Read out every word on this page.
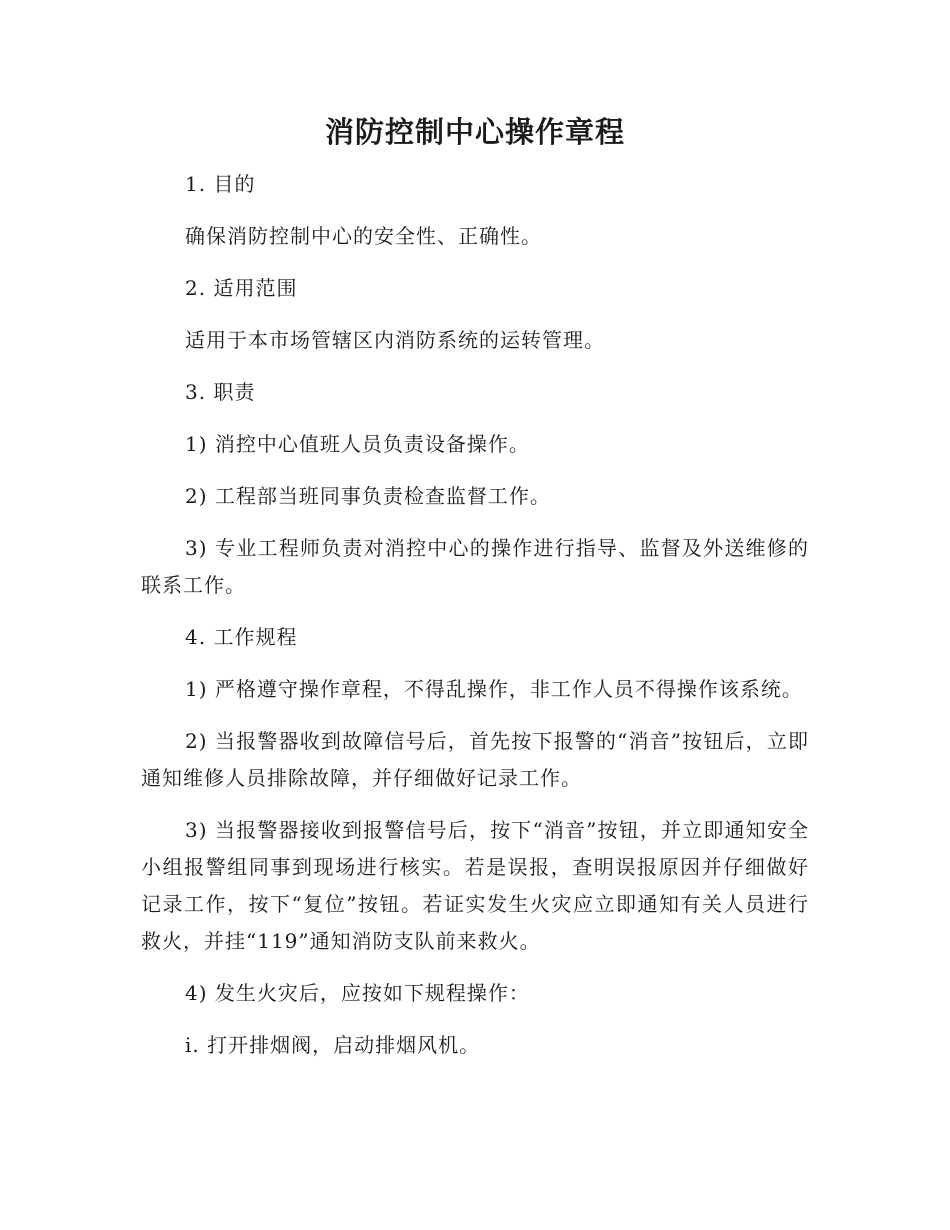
消防控制中心操作章程

1. 目的

确保消防控制中心的安全性、正确性。

2. 适用范围

适用于本市场管辖区内消防系统的运转管理。

3. 职责

1) 消控中心值班人员负责设备操作。

2) 工程部当班同事负责检查监督工作。

3) 专业工程师负责对消控中心的操作进行指导、监督及外送维修的联系工作。

4. 工作规程

1) 严格遵守操作章程，不得乱操作，非工作人员不得操作该系统。

2) 当报警器收到故障信号后，首先按下报警的“消音”按钮后，立即通知维修人员排除故障，并仔细做好记录工作。

3) 当报警器接收到报警信号后，按下“消音”按钮，并立即通知安全小组报警组同事到现场进行核实。若是误报，查明误报原因并仔细做好记录工作，按下“复位”按钮。若证实发生火灾应立即通知有关人员进行救火，并挂“119”通知消防支队前来救火。

4) 发生火灾后，应按如下规程操作：

i. 打开排烟阀，启动排烟风机。
